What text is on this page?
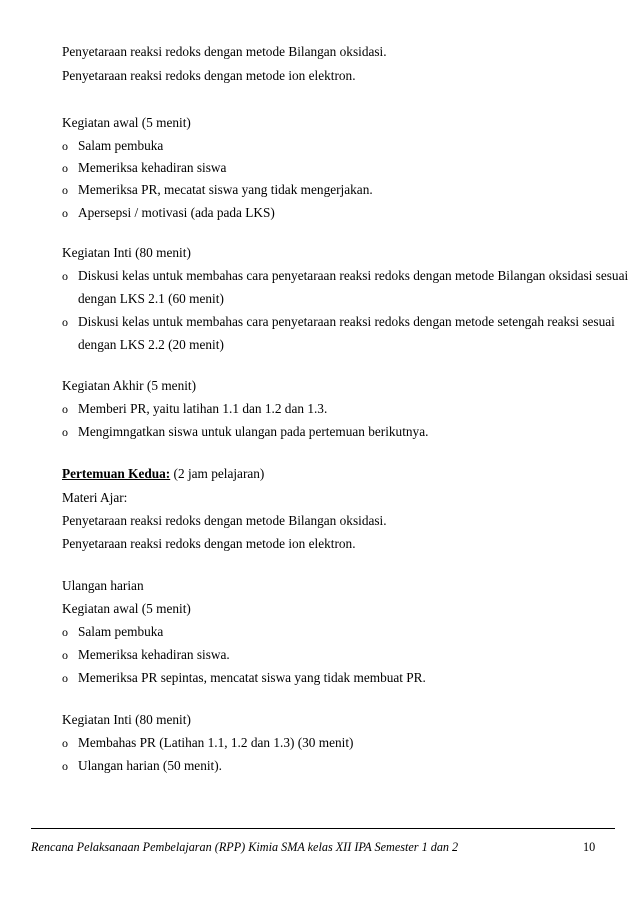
Penyetaraan reaksi redoks dengan metode Bilangan oksidasi.
Penyetaraan reaksi redoks dengan metode ion elektron.
Kegiatan awal (5 menit)
o Salam pembuka
o Memeriksa kehadiran siswa
o Memeriksa PR, mecatat siswa yang tidak mengerjakan.
o Apersepsi / motivasi (ada pada LKS)
Kegiatan Inti (80 menit)
o Diskusi kelas untuk membahas cara penyetaraan reaksi redoks dengan metode Bilangan oksidasi sesuai
dengan LKS 2.1 (60 menit)
o Diskusi kelas untuk membahas cara penyetaraan reaksi redoks dengan metode setengah reaksi sesuai
dengan LKS 2.2 (20 menit)
Kegiatan Akhir (5 menit)
o Memberi PR, yaitu latihan 1.1 dan 1.2 dan 1.3.
o Mengimngatkan siswa untuk ulangan pada pertemuan berikutnya.
Pertemuan Kedua: (2 jam pelajaran)
Materi Ajar:
Penyetaraan reaksi redoks dengan metode Bilangan oksidasi.
Penyetaraan reaksi redoks dengan metode ion elektron.
Ulangan harian
Kegiatan awal (5 menit)
o Salam pembuka
o Memeriksa kehadiran siswa.
o Memeriksa PR sepintas, mencatat siswa yang tidak membuat PR.
Kegiatan Inti (80 menit)
o Membahas PR (Latihan 1.1, 1.2 dan 1.3) (30 menit)
o Ulangan harian (50 menit).
Rencana Pelaksanaan Pembelajaran (RPP) Kimia SMA kelas XII IPA Semester 1 dan 2	10
